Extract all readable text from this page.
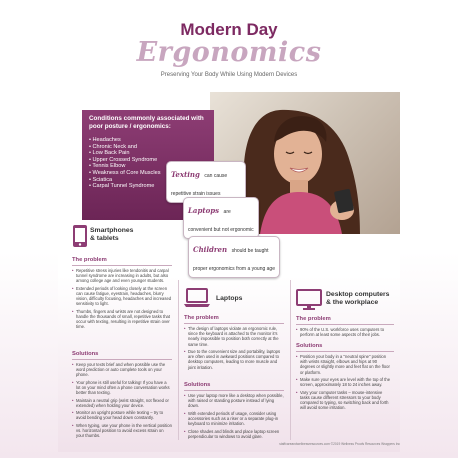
Modern Day
Ergonomics
Preserving Your Body While Using Modern Devices
Conditions commonly associated with poor posture / ergonomics:
• Headaches
• Chronic Neck and
• Low Back Pain
• Upper Crossed Syndrome
• Tennis Elbow
• Weakness of Core Muscles
• Sciatica
• Carpal Tunnel Syndrome
Texting can cause repetitive strain issues
Laptops are convenient but not ergonomic
Children should be taught proper ergonomics from a young age
Smartphones
& tablets
The problem
• Repetitive stress injuries like tendonitis and carpal tunnel syndrome are increasing in adults, but also among college age and even younger students.
• Extended periods of looking closely at the screen can cause fatigue, eyestrain, headaches, blurry vision, difficulty focusing, headaches and increased sensitivity to light.
• Thumbs, fingers and wrists are not designed to handle the thousands of small, repetitive tasks that occur with texting, resulting in repetitive strain over time.
Solutions
• Keep your texts brief and when possible use the word prediction or auto complete tools on your phone.
• Your phone is still useful for talking! If you have a lot on your mind often a phone conversation works better than texting.
• Maintain a neutral grip (wrist straight, not flexed or extended) when holding your device.
• Monitor an upright posture while texting – try to avoid bending your head down constantly.
• When typing, use your phone in the vertical position vs. horizontal position to avoid excess strain on your thumbs.
Laptops
The problem
• The design of laptops violate an ergonomic rule, since the keyboard is attached to the monitor it's nearly impossible to position both correctly at the same time.
• Due to the convenient size and portability, laptops are often used in awkward positions compared to desktop computers, leading to more muscle and joint irritation.
Solutions
• Use your laptop more like a desktop when possible, with raised or standing posture instead of lying down.
• With extended periods of usage, consider using accessories such as a riser or a separate plug-in keyboard to minimize irritation.
• Close shades and blinds and place laptop screen perpendicular to windows to avoid glare.
Desktop computers
& the workplace
The problem
• 90% of the U.S. workforce uses computers to perform at least some aspects of their jobs.
Solutions
• Position your body in a "neutral spine" position with wrists straight, elbows and hips at 90 degrees or slightly more and feet flat on the floor or platform.
• Make sure your eyes are level with the top of the screen, approximately 18 to 24 inches away.
• Vary your computer tasks – mouse-intensive tasks cause different stressors to your body compared to typing, so switching back and forth will avoid some irritation.
staffcareandwellnessresources.com ©2019 Wellness Proofs Resources Wrappers Inc
